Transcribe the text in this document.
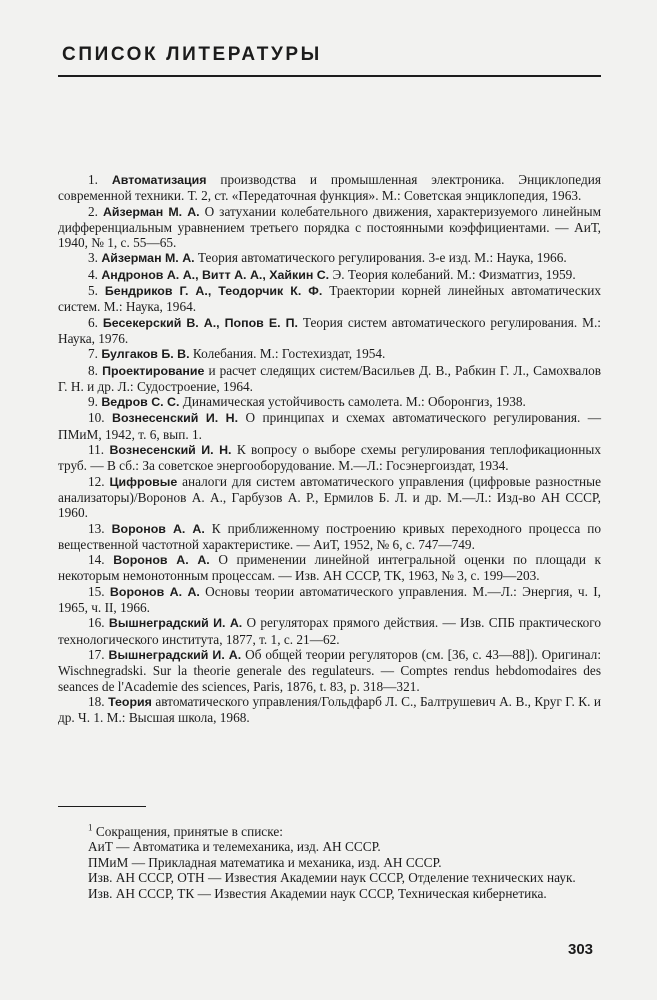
СПИСОК ЛИТЕРАТУРЫ

1. Автоматизация производства и промышленная электроника. Энциклопедия современной техники. Т. 2, ст. «Передаточная функция». М.: Советская энциклопедия, 1963.

2. Айзерман М. А. О затухании колебательного движения, характеризуемого линейным дифференциальным уравнением третьего порядка с постоянными коэффициентами. — АиТ, 1940, № 1, с. 55—65.

3. Айзерман М. А. Теория автоматического регулирования. 3-е изд. М.: Наука, 1966.

4. Андронов А. А., Витт А. А., Хайкин С. Э. Теория колебаний. М.: Физматгиз, 1959.

5. Бендриков Г. А., Теодорчик К. Ф. Траектории корней линейных автоматических систем. М.: Наука, 1964.

6. Бесекерский В. А., Попов Е. П. Теория систем автоматического регулирования. М.: Наука, 1976.

7. Булгаков Б. В. Колебания. М.: Гостехиздат, 1954.

8. Проектирование и расчет следящих систем/Васильев Д. В., Рабкин Г. Л., Самохвалов Г. Н. и др. Л.: Судостроение, 1964.

9. Ведров С. С. Динамическая устойчивость самолета. М.: Оборонгиз, 1938.

10. Вознесенский И. Н. О принципах и схемах автоматического регулирования. — ПМиМ, 1942, т. 6, вып. 1.

11. Вознесенский И. Н. К вопросу о выборе схемы регулирования теплофикационных труб. — В сб.: За советское энергооборудование. М.—Л.: Госэнергоиздат, 1934.

12. Цифровые аналоги для систем автоматического управления (цифровые разностные анализаторы)/Воронов А. А., Гарбузов А. Р., Ермилов Б. Л. и др. М.—Л.: Изд-во АН СССР, 1960.

13. Воронов А. А. К приближенному построению кривых переходного процесса по вещественной частотной характеристике. — АиТ, 1952, № 6, с. 747—749.

14. Воронов А. А. О применении линейной интегральной оценки по площади к некоторым немонотонным процессам. — Изв. АН СССР, ТК, 1963, № 3, с. 199—203.

15. Воронов А. А. Основы теории автоматического управления. М.—Л.: Энергия, ч. I, 1965, ч. II, 1966.

16. Вышнеградский И. А. О регуляторах прямого действия. — Изв. СПБ практического технологического института, 1877, т. 1, с. 21—62.

17. Вышнеградский И. А. Об общей теории регуляторов (см. [36, с. 43—88]). Оригинал: Wischnegradski. Sur la theorie generale des regulateurs. — Comptes rendus hebdomodaires des seances de l'Academie des sciences, Paris, 1876, t. 83, p. 318—321.

18. Теория автоматического управления/Гольдфарб Л. С., Балтрушевич А. В., Круг Г. К. и др. Ч. 1. М.: Высшая школа, 1968.

$^1$ Сокращения, принятые в списке:

АиТ — Автоматика и телемеханика, изд. АН СССР.

ПМиМ — Прикладная математика и механика, изд. АН СССР.

Изв. АН СССР, ОТН — Известия Академии наук СССР, Отделение технических наук.

Изв. АН СССР, ТК — Известия Академии наук СССР, Техническая кибернетика.

303
